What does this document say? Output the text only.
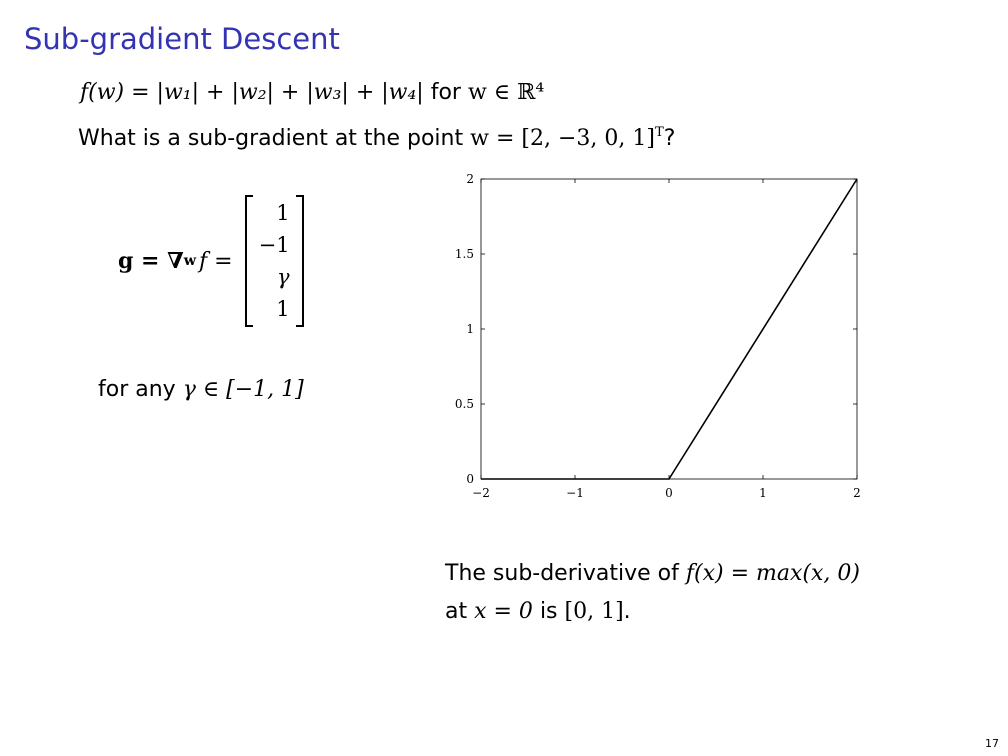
Sub-gradient Descent
f(w) = |w₁| + |w₂| + |w₃| + |w₄| for w ∈ ℝ⁴
What is a sub-gradient at the point w = [2, −3, 0, 1]$^T$?
g = ∇ w f =
1
−1
γ
1
for any γ ∈ [−1, 1]
−2	−1	0	1	2
0
0.5
1
1.5
2
The sub-derivative of f(x) = max(x, 0)
at x = 0 is [0, 1].
17
